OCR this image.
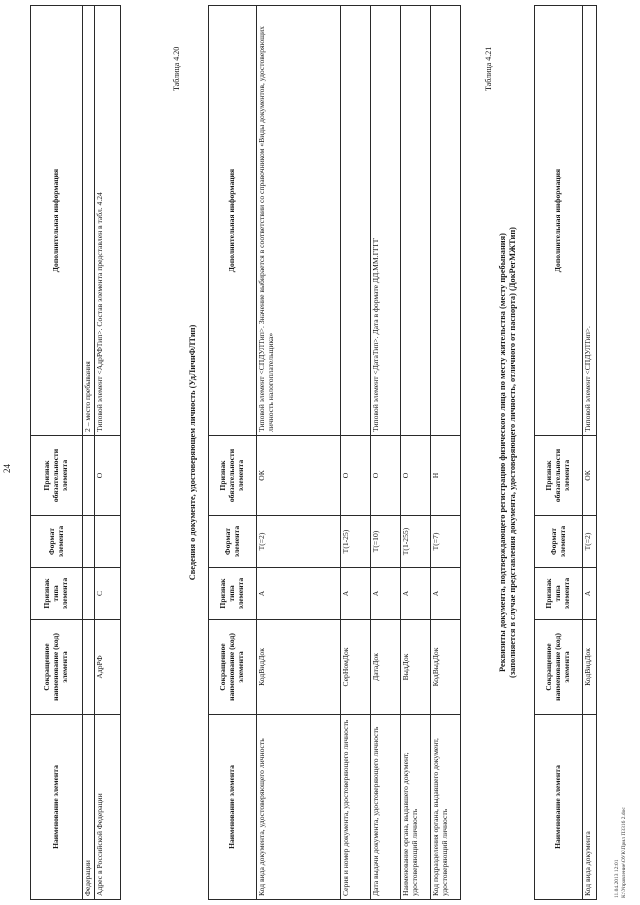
24
Наименование элемента	Сокращенное наименование (код) элемента	Признак типа элемента	Формат элемента	Признак обязательности элемента	Дополнительная информация
Федерации					2 – место пребывания
Адрес в Российской Федерации	АдрРФ	С		О	Типовой элемент <АдрРФТип>. Состав элемента представлен в табл. 4.24
Таблица 4.20
Сведения о документе, удостоверяющем личность (УдЛичнФЛТип)
Наименование элемента	Сокращенное наименование (код) элемента	Признак типа элемента	Формат элемента	Признак обязательности элемента	Дополнительная информация
Код вида документа, удостоверяющего личность	КодВидДок	А	Т(=2)	ОК	Типовой элемент <СПДУЛТип>. Значение выбирается в соответствии со справочником «Виды документов, удостоверяющих личность налогоплательщика»
Серия и номер документа, удостоверяющего личность	СерНомДок	А	Т(1-25)	О	
Дата выдачи документа, удостоверяющего личность	ДатаДок	А	Т(=10)	О	Типовой элемент <ДатаТип>. Дата в формате ДД.ММ.ГГГГ
Наименование органа, выдавшего документ, удостоверяющий личность	ВыдДок	А	Т(1-255)	О	
Код подразделения органа, выдавшего документ, удостоверяющий личность	КодВыдДок	А	Т(=7)	Н	
Таблица 4.21
Реквизиты документа, подтверждающего регистрацию физического лица по месту жительства (месту пребывания) (заполняется в случае представления документа, удостоверяющего личность, отличного от паспорта) (ДокРегМЖТип)
Наименование элемента	Сокращенное наименование (код) элемента	Признак типа элемента	Формат элемента	Признак обязательности элемента	Дополнительная информация
Код вида документа	КодВидДок	А	Т(=2)	ОК	Типовой элемент <СПДУЛТип>.
11.04.2013 12:01 К:\Управление\ОУК\Прил П3316 2.doc
